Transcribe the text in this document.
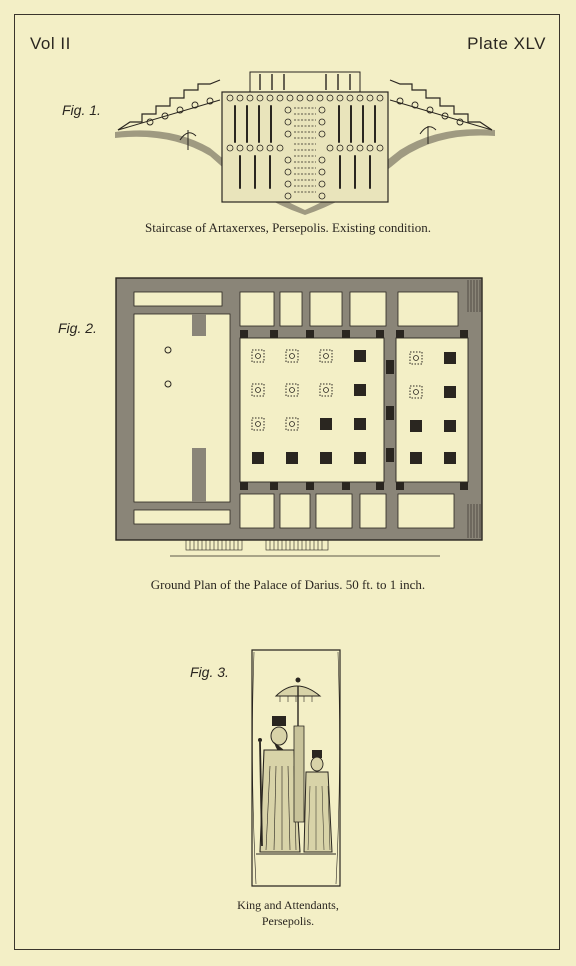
Vol II	Plate XLV
Fig. 1.
Staircase of Artaxerxes, Persepolis. Existing condition.
Fig. 2.
Ground Plan of the Palace of Darius. 50 ft. to 1 inch.
Fig. 3.
King and Attendants,
Persepolis.
